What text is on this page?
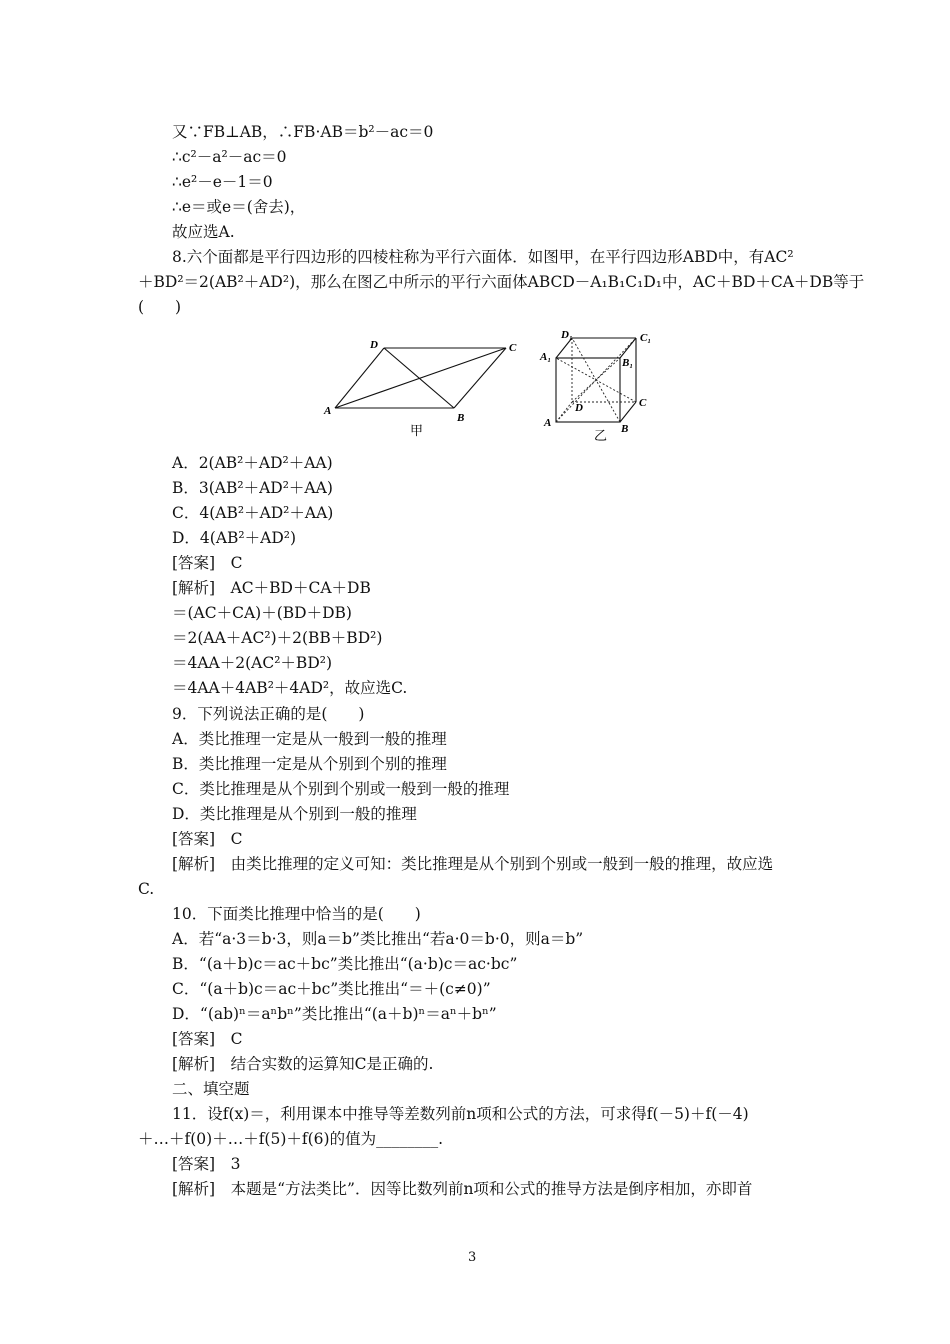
又∵FB⊥AB，∴FB·AB＝b²－ac＝0
∴c²－a²－ac＝0
∴e²－e－1＝0
∴e＝或e＝(舍去)，
故应选A.
8.六个面都是平行四边形的四棱柱称为平行六面体．如图甲，在平行四边形ABD中，有AC²
＋BD²＝2(AB²＋AD²)，那么在图乙中所示的平行六面体ABCD－A₁B₁C₁D₁中，AC＋BD＋CA＋DB等于
(　　)
A
B
C
D
甲
D₁	C₁
A₁	B₁
C
D
A	B
乙
A．2(AB²＋AD²＋AA)
B．3(AB²＋AD²＋AA)
C．4(AB²＋AD²＋AA)
D．4(AB²＋AD²)
[答案]　C
[解析]　AC＋BD＋CA＋DB
＝(AC＋CA)＋(BD＋DB)
＝2(AA＋AC²)＋2(BB＋BD²)
＝4AA＋2(AC²＋BD²)
＝4AA＋4AB²＋4AD²，故应选C.
9．下列说法正确的是(　　)
A．类比推理一定是从一般到一般的推理
B．类比推理一定是从个别到个别的推理
C．类比推理是从个别到个别或一般到一般的推理
D．类比推理是从个别到一般的推理
[答案]　C
[解析]　由类比推理的定义可知：类比推理是从个别到个别或一般到一般的推理，故应选
C.
10．下面类比推理中恰当的是(　　)
A．若“a·3＝b·3，则a＝b”类比推出“若a·0＝b·0，则a＝b”
B．“(a＋b)c＝ac＋bc”类比推出“(a·b)c＝ac·bc”
C．“(a＋b)c＝ac＋bc”类比推出“＝＋(c≠0)”
D．“(ab)ⁿ＝aⁿbⁿ”类比推出“(a＋b)ⁿ＝aⁿ＋bⁿ”
[答案]　C
[解析]　结合实数的运算知C是正确的.
二、填空题
11．设f(x)＝，利用课本中推导等差数列前n项和公式的方法，可求得f(－5)＋f(－4)
＋…＋f(0)＋…＋f(5)＋f(6)的值为________.
[答案]　3
[解析]　本题是“方法类比”．因等比数列前n项和公式的推导方法是倒序相加，亦即首
3
